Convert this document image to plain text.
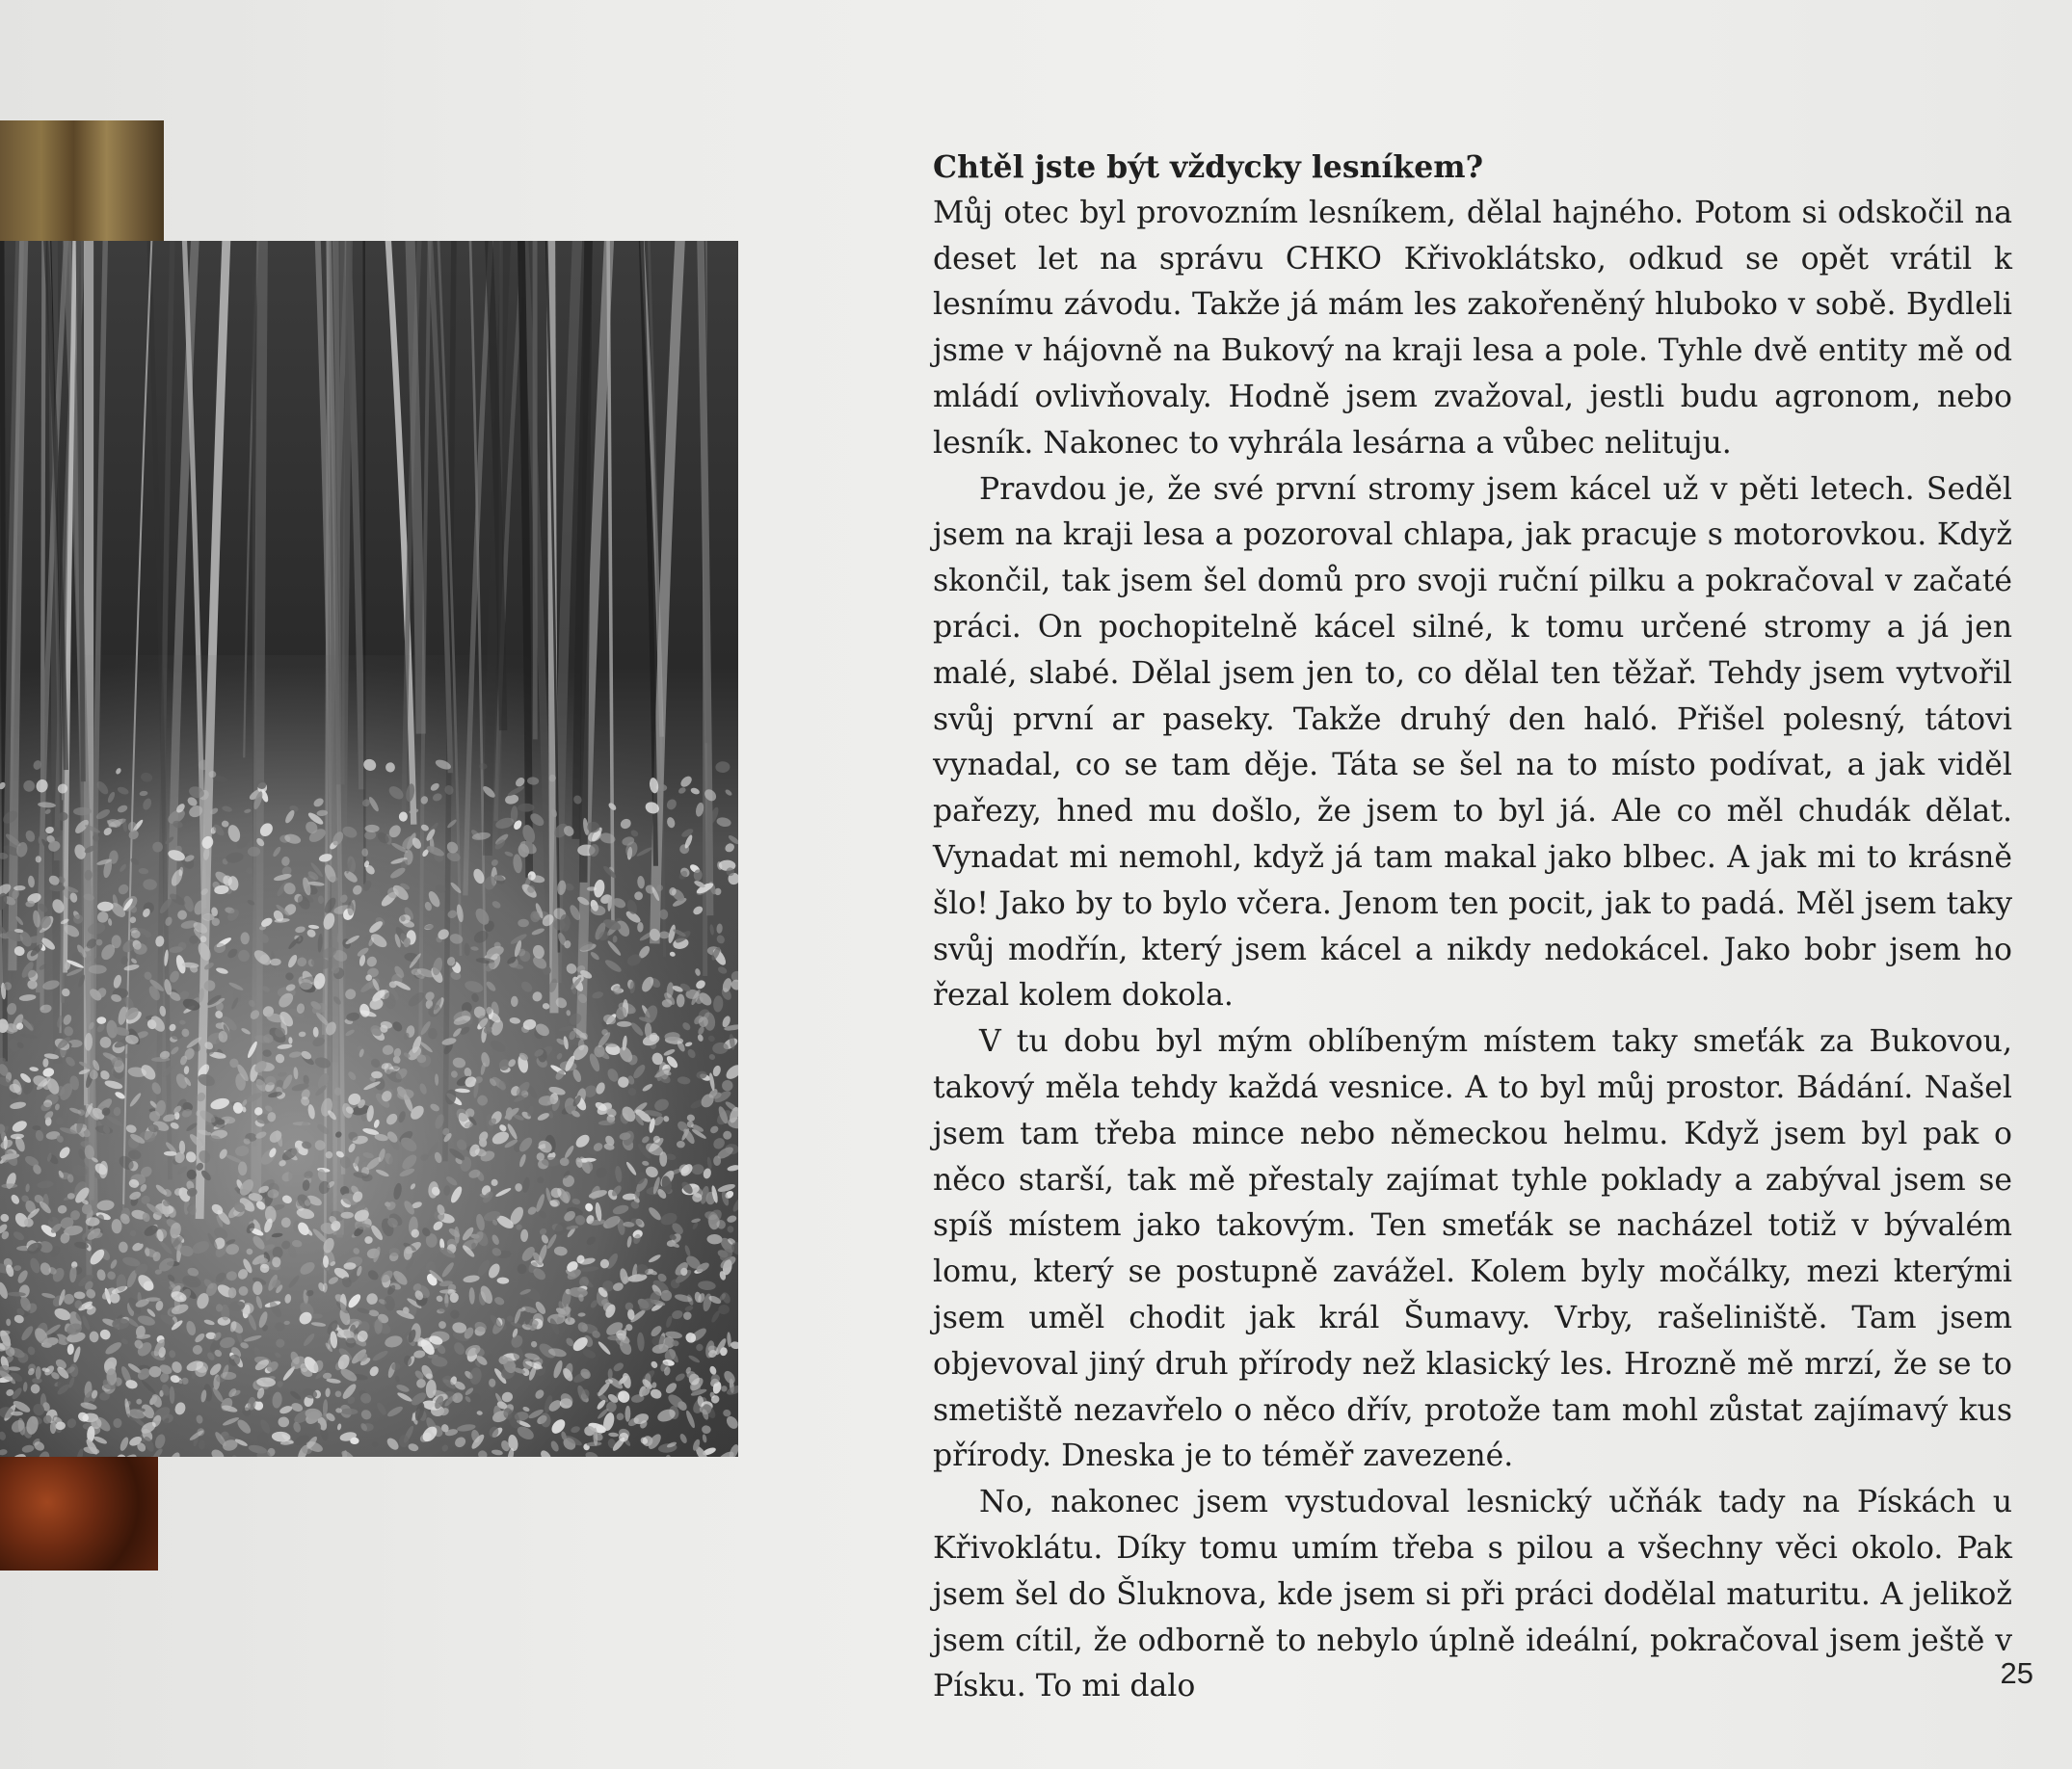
Chtěl jste být vždycky lesníkem?

Můj otec byl provozním lesníkem, dělal hajného. Potom si odskočil na deset let na správu CHKO Křivoklátsko, odkud se opět vrátil k lesnímu závodu. Takže já mám les zakořeněný hluboko v sobě. Bydleli jsme v hájovně na Bukový na kraji lesa a pole. Tyhle dvě entity mě od mládí ovlivňovaly. Hodně jsem zvažoval, jestli budu agronom, nebo lesník. Nakonec to vyhrála lesárna a vůbec nelituju.

Pravdou je, že své první stromy jsem kácel už v pěti letech. Seděl jsem na kraji lesa a pozoroval chlapa, jak pracuje s motorovkou. Když skončil, tak jsem šel domů pro svoji ruční pilku a pokračoval v začaté práci. On pochopitelně kácel silné, k tomu určené stromy a já jen malé, slabé. Dělal jsem jen to, co dělal ten těžař. Tehdy jsem vytvořil svůj první ar paseky. Takže druhý den haló. Přišel polesný, tátovi vynadal, co se tam děje. Táta se šel na to místo podívat, a jak viděl pařezy, hned mu došlo, že jsem to byl já. Ale co měl chudák dělat. Vynadat mi nemohl, když já tam makal jako blbec. A jak mi to krásně šlo! Jako by to bylo včera. Jenom ten pocit, jak to padá. Měl jsem taky svůj modřín, který jsem kácel a nikdy nedokácel. Jako bobr jsem ho řezal kolem dokola.

V tu dobu byl mým oblíbeným místem taky smeťák za Bukovou, takový měla tehdy každá vesnice. A to byl můj prostor. Bádání. Našel jsem tam třeba mince nebo německou helmu. Když jsem byl pak o něco starší, tak mě přestaly zajímat tyhle poklady a zabýval jsem se spíš místem jako takovým. Ten smeťák se nacházel totiž v bývalém lomu, který se postupně zavážel. Kolem byly močálky, mezi kterými jsem uměl chodit jak král Šumavy. Vrby, rašeliniště. Tam jsem objevoval jiný druh přírody než klasický les. Hrozně mě mrzí, že se to smetiště nezavřelo o něco dřív, protože tam mohl zůstat zajímavý kus přírody. Dneska je to téměř zavezené.

No, nakonec jsem vystudoval lesnický učňák tady na Pískách u Křivoklátu. Díky tomu umím třeba s pilou a všechny věci okolo. Pak jsem šel do Šluknova, kde jsem si při práci dodělal maturitu. A jelikož jsem cítil, že odborně to nebylo úplně ideální, pokračoval jsem ještě v Písku. To mi dalo	25
